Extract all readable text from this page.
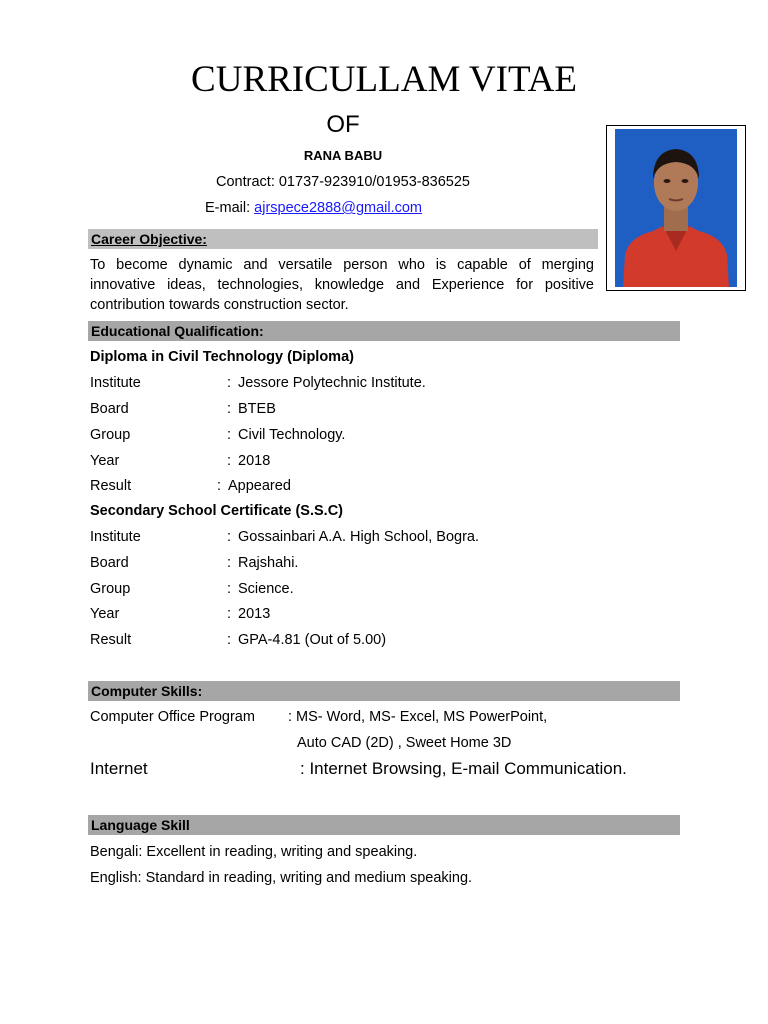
CURRICULLAM VITAE
OF
RANA BABU
Contract: 01737-923910/01953-836525
E-mail: ajrspece2888@gmail.com
Career Objective:
To become dynamic and versatile person who is capable of merging innovative ideas, technologies, knowledge and Experience for positive contribution towards construction sector.
Educational Qualification:
Diploma in Civil Technology (Diploma)
Institute	: Jessore Polytechnic Institute.
Board	: BTEB
Group	: Civil Technology.
Year	: 2018
Result	: Appeared
Secondary School Certificate (S.S.C)
Institute	: Gossainbari A.A. High School, Bogra.
Board	: Rajshahi.
Group	: Science.
Year	: 2013
Result	: GPA-4.81 (Out of 5.00)
Computer Skills:
Computer Office Program : MS- Word, MS- Excel, MS PowerPoint,
Auto CAD (2D) , Sweet Home 3D
Internet	: Internet Browsing, E-mail Communication.
Language Skill
Bengali: Excellent in reading, writing and speaking.
English: Standard in reading, writing and medium speaking.
